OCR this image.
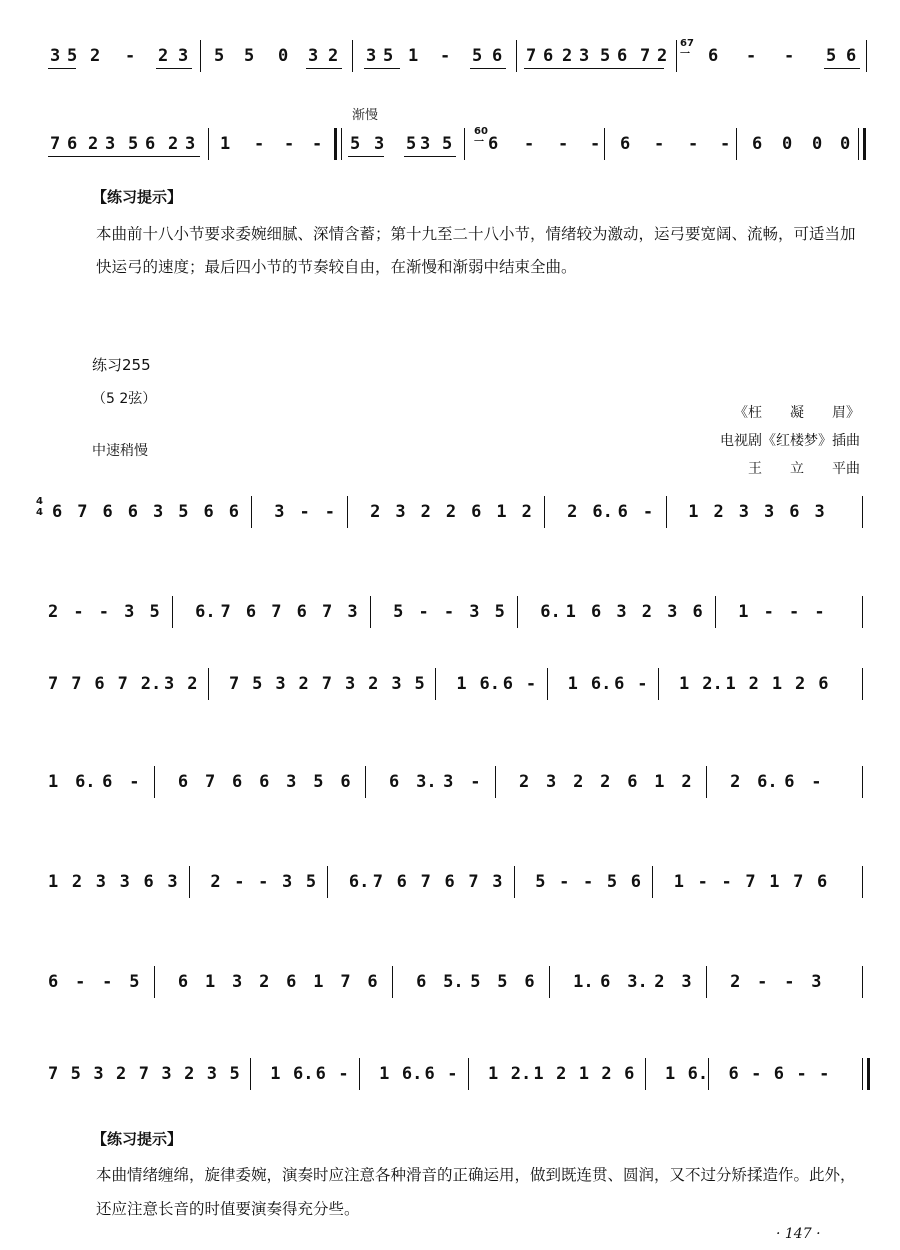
3 5 2 - 2 3 5 5 0 3 2 3 5 1 - 5 6 7 6 2 3 5 6 7 2 6 - - 5 6
67
一
渐慢
7 6 2 3 5 6 2 3 1 - - - 5 3 5 3 5 6 - - - 6 - - - 6 0 0 0
60
一
【练习提示】
本曲前十八小节要求委婉细腻、深情含蓄；第十九至二十八小节，情绪较为激动，运弓要宽阔、流畅，可适当加快运弓的速度；最后四小节的节奏较自由，在渐慢和渐弱中结束全曲。
练习255
（5 2弦）
《枉　　凝　　眉》
电视剧《红楼梦》插曲
中速稍慢
王　　立　　平曲
4
4 6 7 6 6 3 5 6 6 3 - - 2 3 2 2 6 1 2 2 6. 6 - 1 2 3 3 6 3
2 - - 3 5 6. 7 6 7 6 7 3 5 - - 3 5 6. 1 6 3 2 3 6 1 - - -
7 7 6 7 2. 3 2 7 5 3 2 7 3 2 3 5 1 6. 6 - 1 6. 6 - 1 2. 1 2 1 2 6
1 6. 6 - 6 7 6 6 3 5 6 6 3. 3 - 2 3 2 2 6 1 2 2 6. 6 -
1 2 3 3 6 3 2 - - 3 5 6. 7 6 7 6 7 3 5 - - 5 6 1 - - 7 1 7 6
6 - - 5 6 1 3 2 6 1 7 6 6 5. 5 5 6 1. 6 3. 2 3 2 - - 3
7 5 3 2 7 3 2 3 5 1 6. 6 - 1 6. 6 - 1 2. 1 2 1 2 6 1 6. 6 - 6 - -
【练习提示】
本曲情绪缠绵，旋律委婉，演奏时应注意各种滑音的正确运用，做到既连贯、圆润，又不过分矫揉造作。此外，还应注意长音的时值要演奏得充分些。
· 147 ·
